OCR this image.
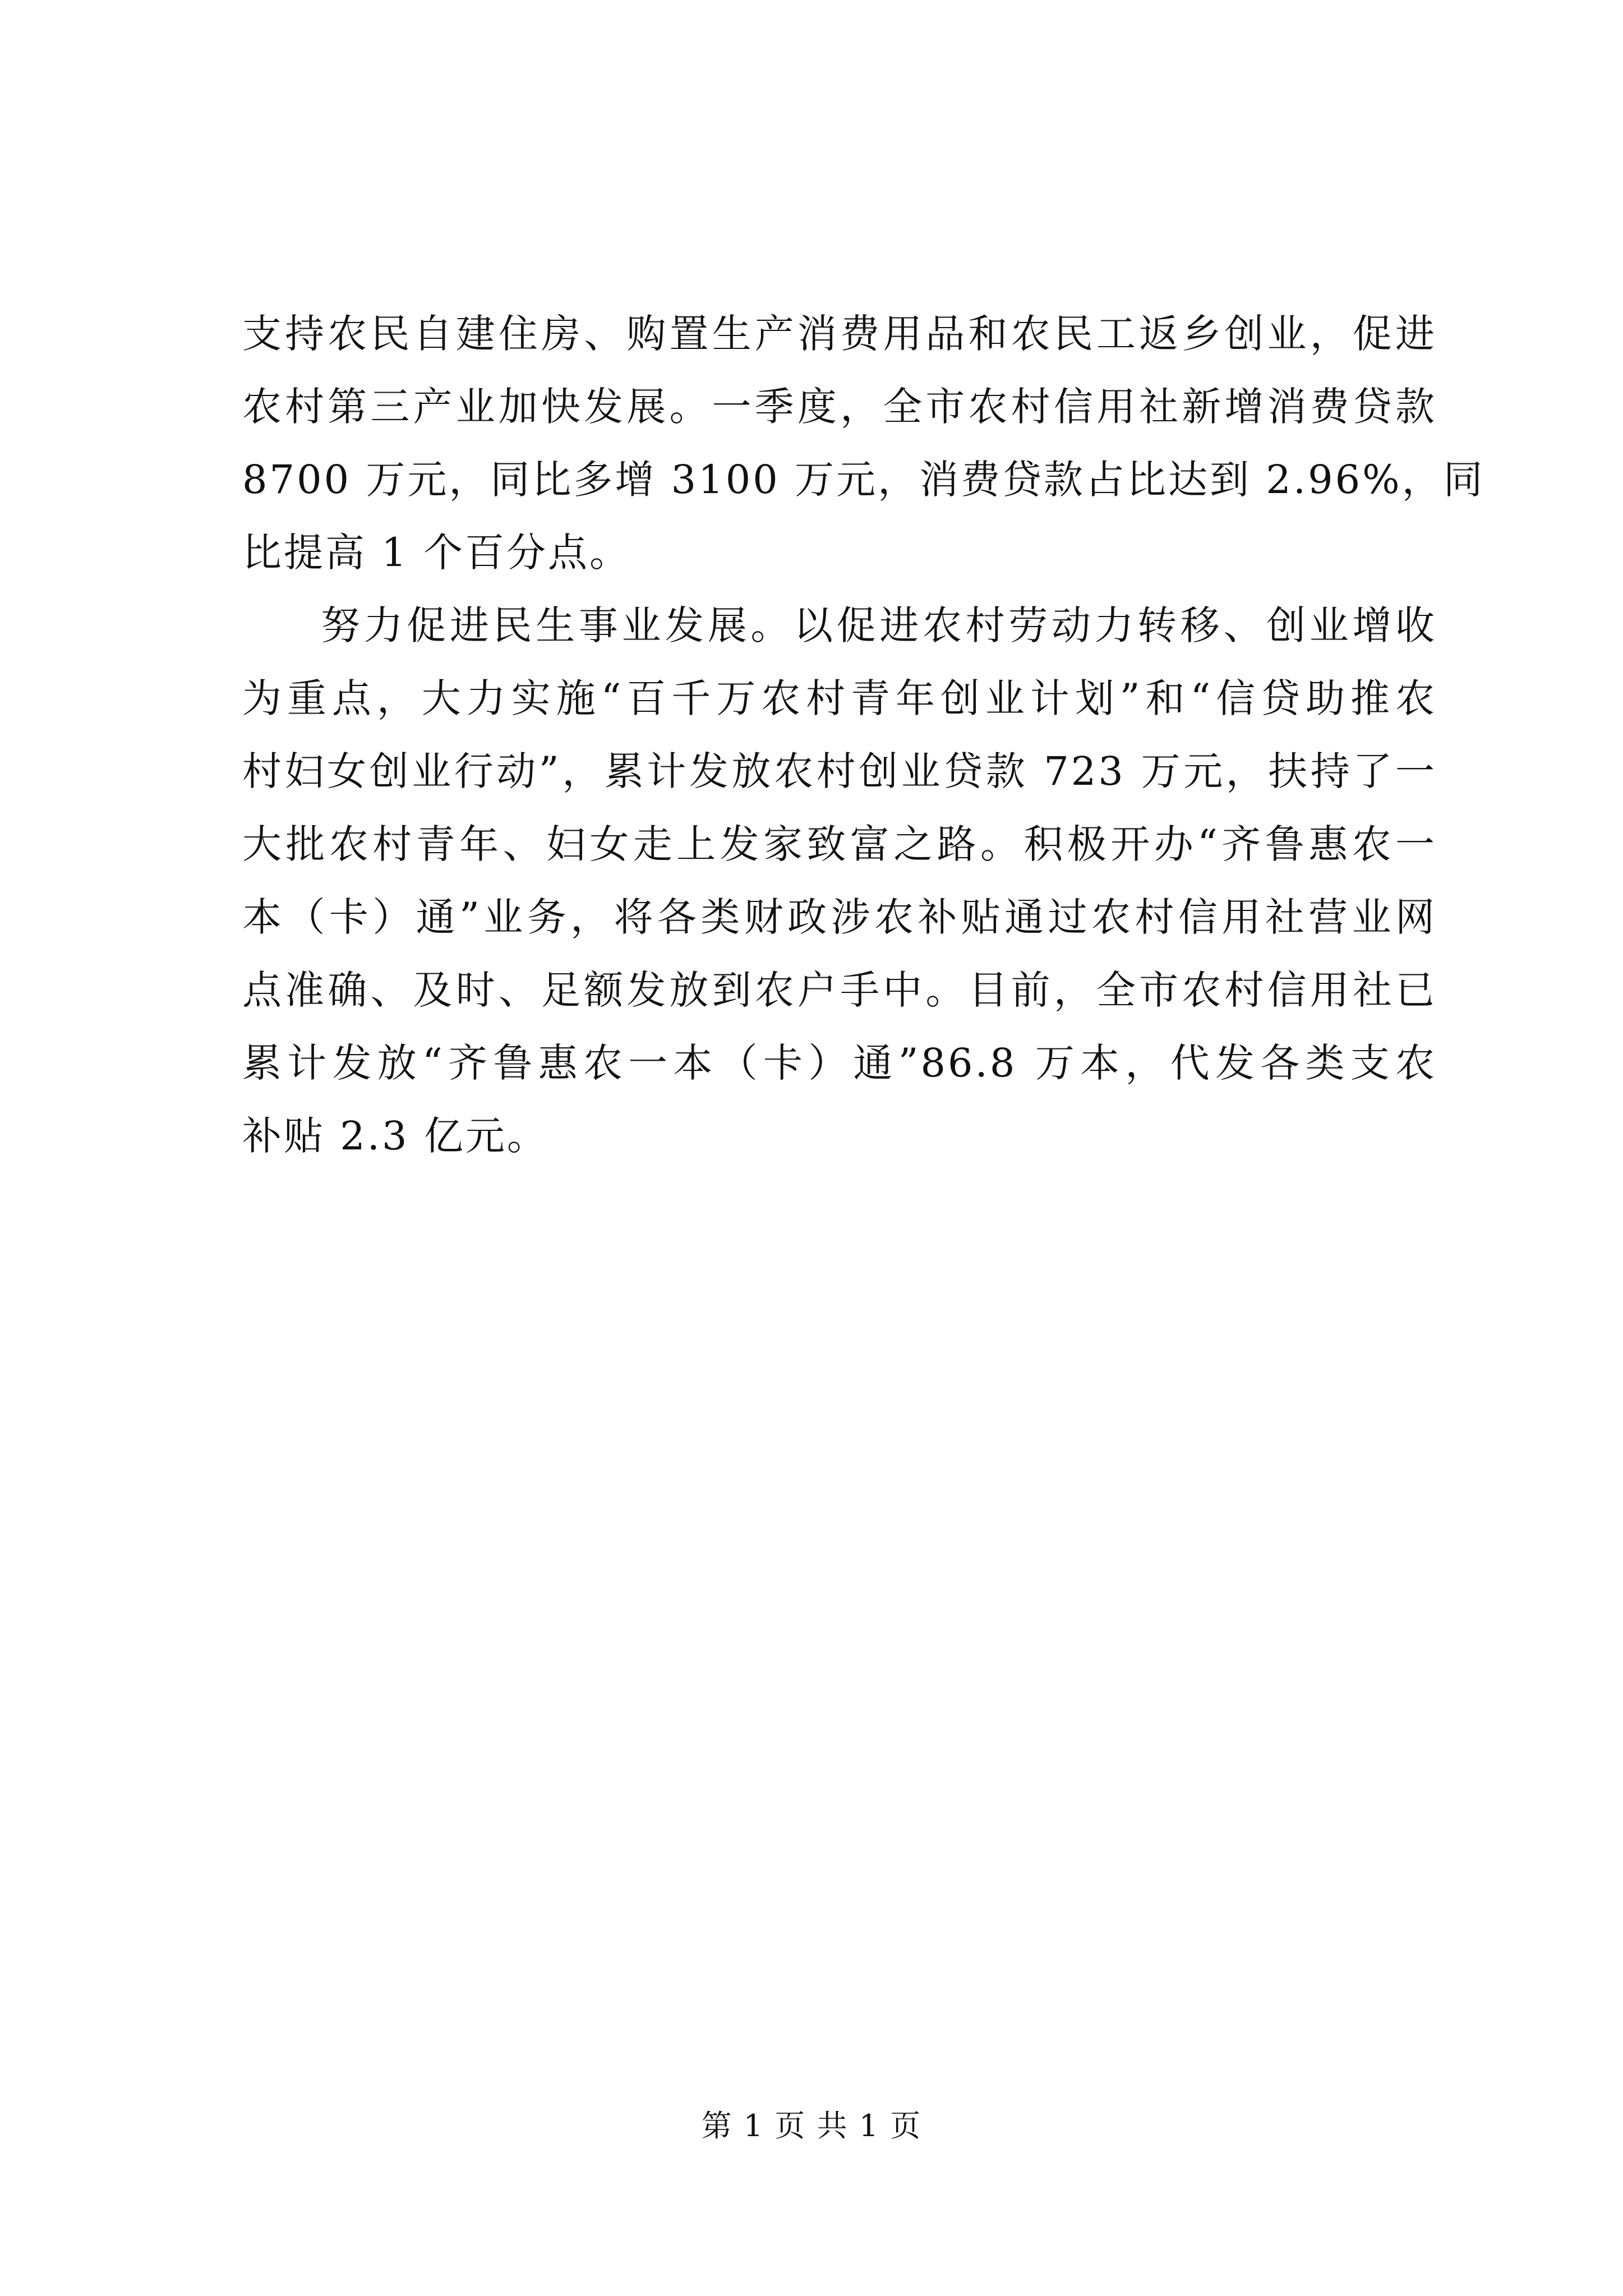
支持农民自建住房、购置生产消费用品和农民工返乡创业，促进
农村第三产业加快发展。一季度，全市农村信用社新增消费贷款
8700 万元，同比多增 3100 万元，消费贷款占比达到 2.96%，同
比提高 1 个百分点。
努力促进民生事业发展。以促进农村劳动力转移、创业增收
为重点，大力实施“百千万农村青年创业计划”和“信贷助推农
村妇女创业行动”，累计发放农村创业贷款 723 万元，扶持了一
大批农村青年、妇女走上发家致富之路。积极开办“齐鲁惠农一
本（卡）通”业务，将各类财政涉农补贴通过农村信用社营业网
点准确、及时、足额发放到农户手中。目前，全市农村信用社已
累计发放“齐鲁惠农一本（卡）通”86.8 万本，代发各类支农
补贴 2.3 亿元。
第 1 页 共 1 页
